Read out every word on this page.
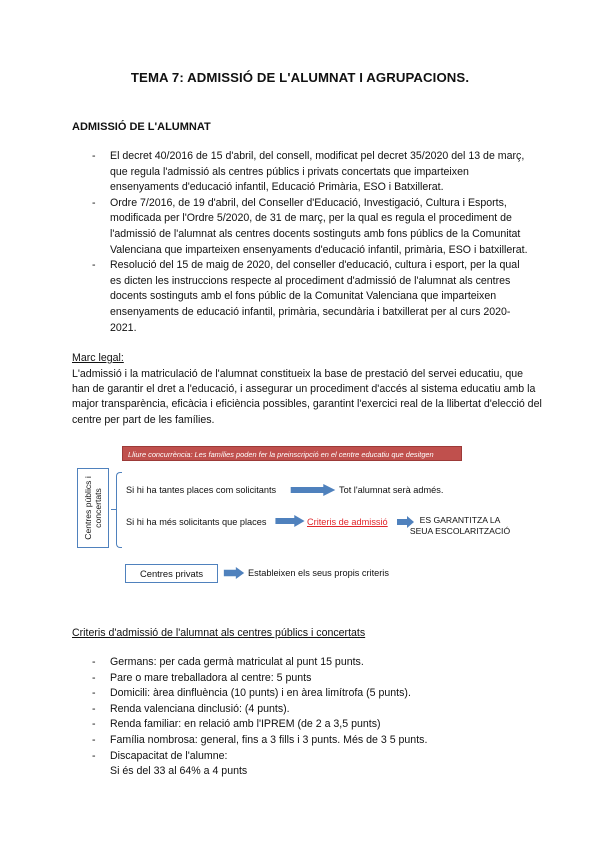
TEMA 7: ADMISSIÓ DE L'ALUMNAT I AGRUPACIONS.
ADMISSIÓ DE L'ALUMNAT
- El decret 40/2016 de 15 d'abril, del consell, modificat pel decret 35/2020 del 13 de març, que regula l'admissió als centres públics i privats concertats que imparteixen ensenyaments d'educació infantil, Educació Primària, ESO i Batxillerat.
- Ordre 7/2016, de 19 d'abril, del Conseller d'Educació, Investigació, Cultura i Esports, modificada per l'Ordre 5/2020, de 31 de març, per la qual es regula el procediment de l'admissió de l'alumnat als centres docents sostinguts amb fons públics de la Comunitat Valenciana que imparteixen ensenyaments d'educació infantil, primària, ESO i batxillerat.
- Resolució del 15 de maig de 2020, del conseller d'educació, cultura i esport, per la qual es dicten les instruccions respecte al procediment d'admissió de l'alumnat als centres docents sostinguts amb el fons públic de la Comunitat Valenciana que imparteixen ensenyaments de educació infantil, primària, secundària i batxillerat per al curs 2020-2021.
Marc legal:
L'admissió i la matriculació de l'alumnat constitueix la base de prestació del servei educatiu, que han de garantir el dret a l'educació, i assegurar un procediment d'accés al sistema educatiu amb la major transparència, eficàcia i eficiència possibles, garantint l'exercici real de la llibertat d'elecció del centre per part de les famílies.
Lliure concurrència: Les famílies poden fer la preinscripció en el centre educatiu que desitgen
Centres públics i concertats	Si hi ha tantes places com solicitants	Tot l'alumnat serà admés.
Si hi ha més solicitants que places	Criteris de admissió	ES GARANTITZA LA
SEUA ESCOLARITZACIÓ
Centres privats	Estableixen els seus propis criteris
Criteris d'admissió de l'alumnat als centres públics i concertats
- Germans: per cada germà matriculat al punt 15 punts.
- Pare o mare treballadora al centre: 5 punts
- Domicili: àrea dinfluència (10 punts) i en àrea limítrofa (5 punts).
- Renda valenciana dinclusió: (4 punts).
- Renda familiar: en relació amb l'IPREM (de 2 a 3,5 punts)
- Família nombrosa: general, fins a 3 fills i 3 punts. Més de 3 5 punts.
- Discapacitat de l'alumne:
Si és del 33 al 64% a 4 punts
